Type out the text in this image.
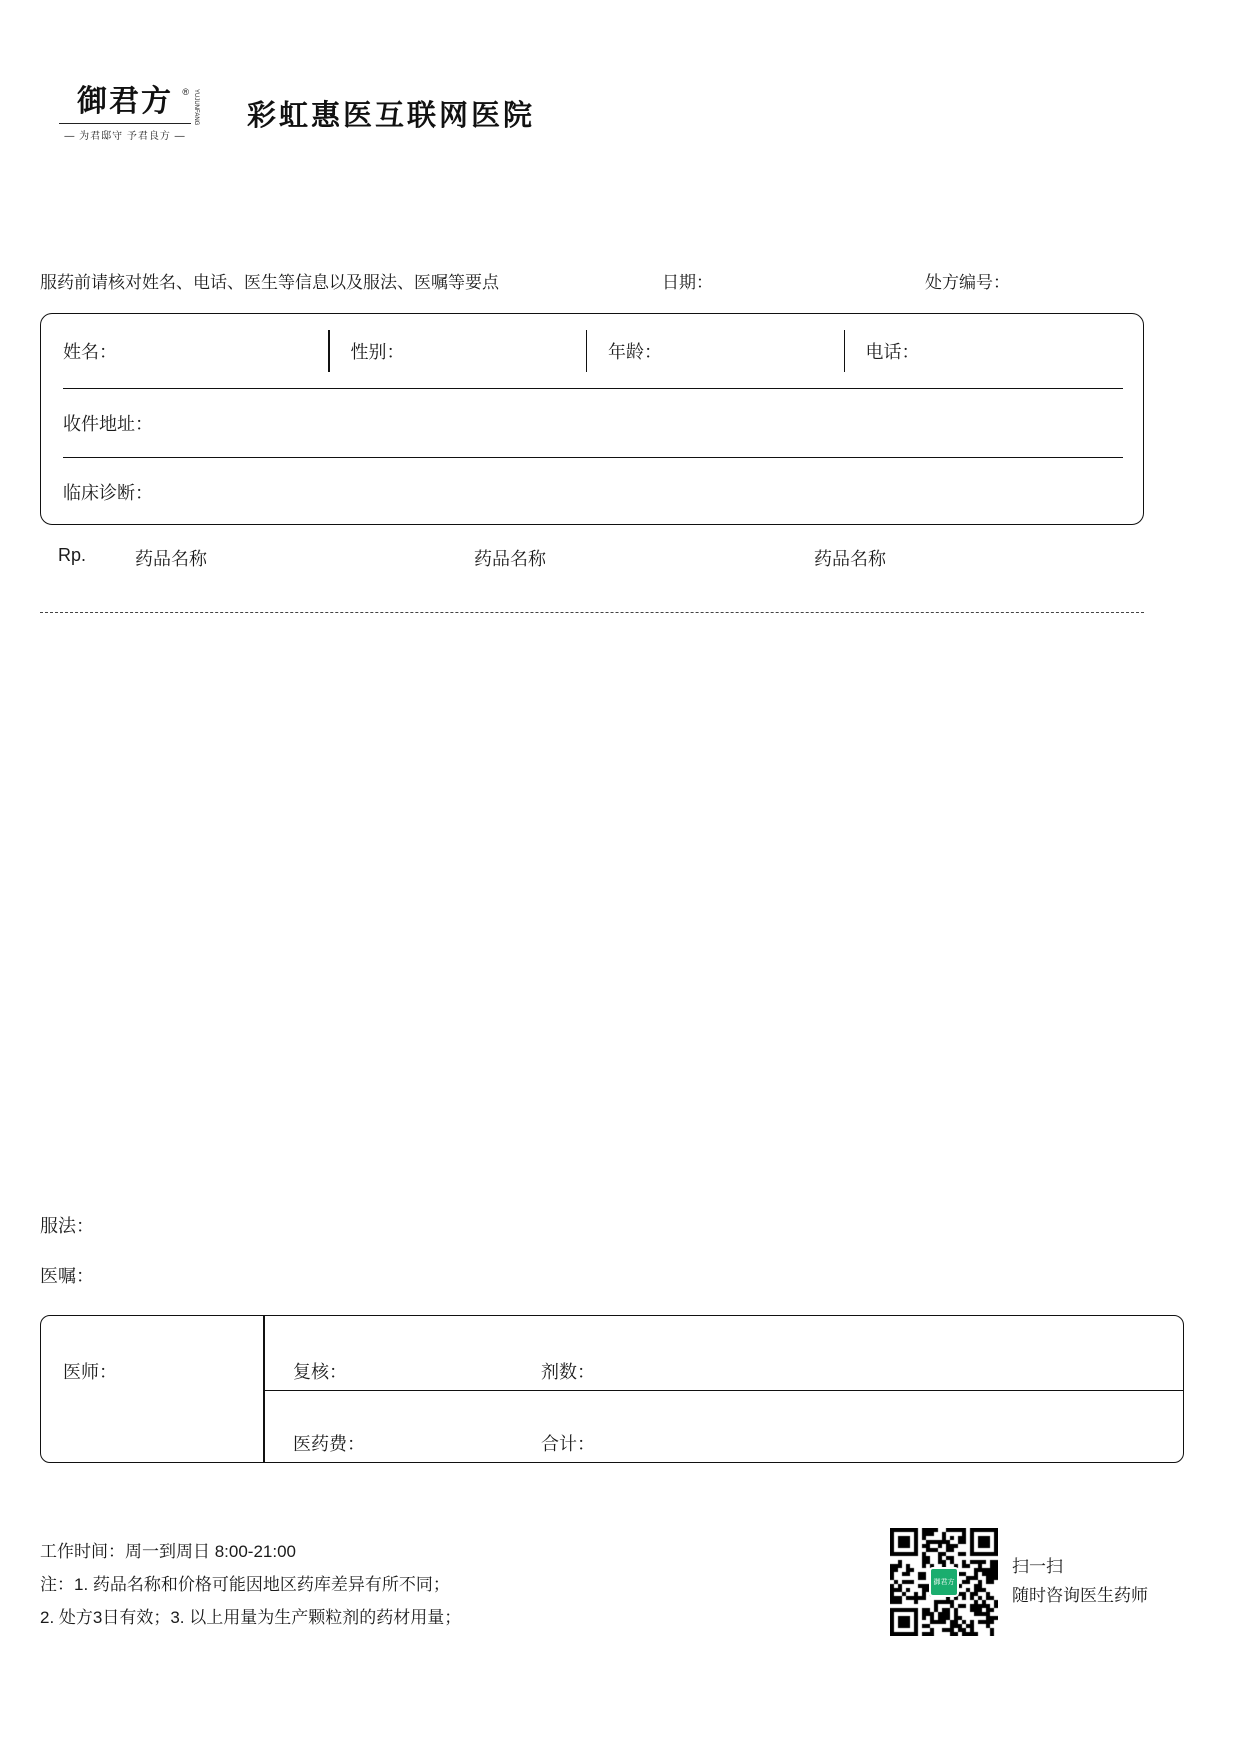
御君方	® YUJUNFANG
— 为君邸守 予君良方 —
彩虹惠医互联网医院
服药前请核对姓名、电话、医生等信息以及服法、医嘱等要点	日期：	处方编号：
姓名：	性别：	年龄：	电话：
收件地址：
临床诊断：
Rp.	药品名称	药品名称	药品名称
服法：
医嘱：
医师：	复核：	剂数：
医药费：	合计：
工作时间：周一到周日 8:00-21:00
注：1. 药品名称和价格可能因地区药库差异有所不同；
2. 处方3日有效；3. 以上用量为生产颗粒剂的药材用量；
御君方
扫一扫
随时咨询医生药师
